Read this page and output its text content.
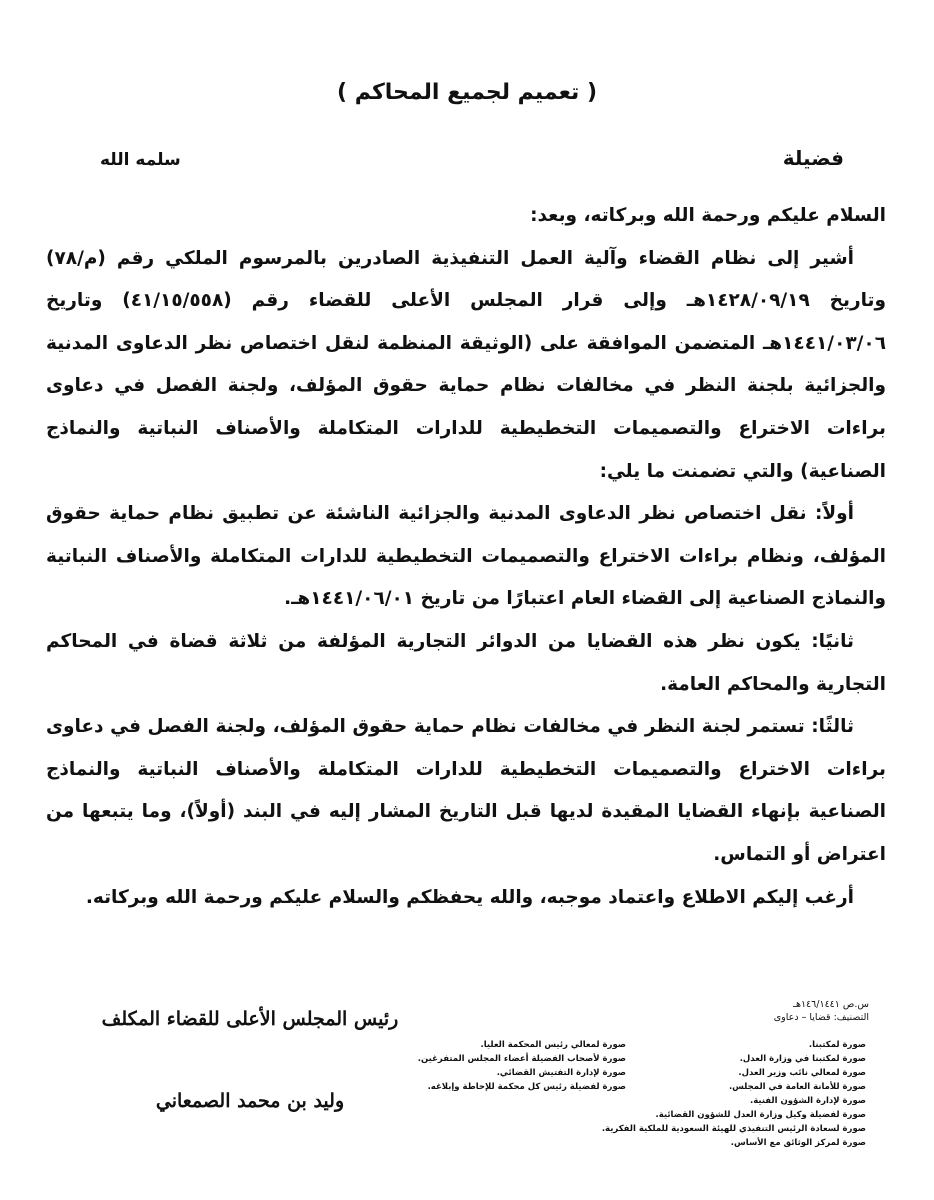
( تعميم لجميع المحاكم )
فضيلة
سلمه الله

السلام عليكم ورحمة الله وبركاته، وبعد:

أشير إلى نظام القضاء وآلية العمل التنفيذية الصادرين بالمرسوم الملكي رقم (م/٧٨) وتاريخ ١٤٢٨/٠٩/١٩هـ وإلى قرار المجلس الأعلى للقضاء رقم (٤١/١٥/٥٥٨) وتاريخ ١٤٤١/٠٣/٠٦هـ المتضمن الموافقة على (الوثيقة المنظمة لنقل اختصاص نظر الدعاوى المدنية والجزائية بلجنة النظر في مخالفات نظام حماية حقوق المؤلف، ولجنة الفصل في دعاوى براءات الاختراع والتصميمات التخطيطية للدارات المتكاملة والأصناف النباتية والنماذج الصناعية) والتي تضمنت ما يلي:

أولاً: نقل اختصاص نظر الدعاوى المدنية والجزائية الناشئة عن تطبيق نظام حماية حقوق المؤلف، ونظام براءات الاختراع والتصميمات التخطيطية للدارات المتكاملة والأصناف النباتية والنماذج الصناعية إلى القضاء العام اعتبارًا من تاريخ ١٤٤١/٠٦/٠١هـ.

ثانيًا: يكون نظر هذه القضايا من الدوائر التجارية المؤلفة من ثلاثة قضاة في المحاكم التجارية والمحاكم العامة.

ثالثًا: تستمر لجنة النظر في مخالفات نظام حماية حقوق المؤلف، ولجنة الفصل في دعاوى براءات الاختراع والتصميمات التخطيطية للدارات المتكاملة والأصناف النباتية والنماذج الصناعية بإنهاء القضايا المقيدة لديها قبل التاريخ المشار إليه في البند (أولاً)، وما يتبعها من اعتراض أو التماس.

أرغب إليكم الاطلاع واعتماد موجبه، والله يحفظكم والسلام عليكم ورحمة الله وبركاته.

رئيس المجلس الأعلى للقضاء المكلف
وليد بن محمد الصمعاني
س.ص ١٤٦/١٤٤١هـ
التصنيف: قضايا – دعاوى
صورة لمكتبنا.
صورة لمكتبنا في وزارة العدل.
صورة لمعالي نائب وزير العدل.
صورة للأمانة العامة في المجلس.
صورة لإدارة الشؤون الفنية.
صورة لفضيلة وكيل وزارة العدل للشؤون القضائية.
صورة لسعادة الرئيس التنفيذي للهيئة السعودية للملكية الفكرية.
صورة لمركز الوثائق مع الأساس.
صورة لمعالي رئيس المحكمة العليا.
صورة لأصحاب الفضيلة أعضاء المجلس المتفرغين.
صورة لإدارة التفتيش القضائي.
صورة لفضيلة رئيس كل محكمة للإحاطة وإبلاغه.
